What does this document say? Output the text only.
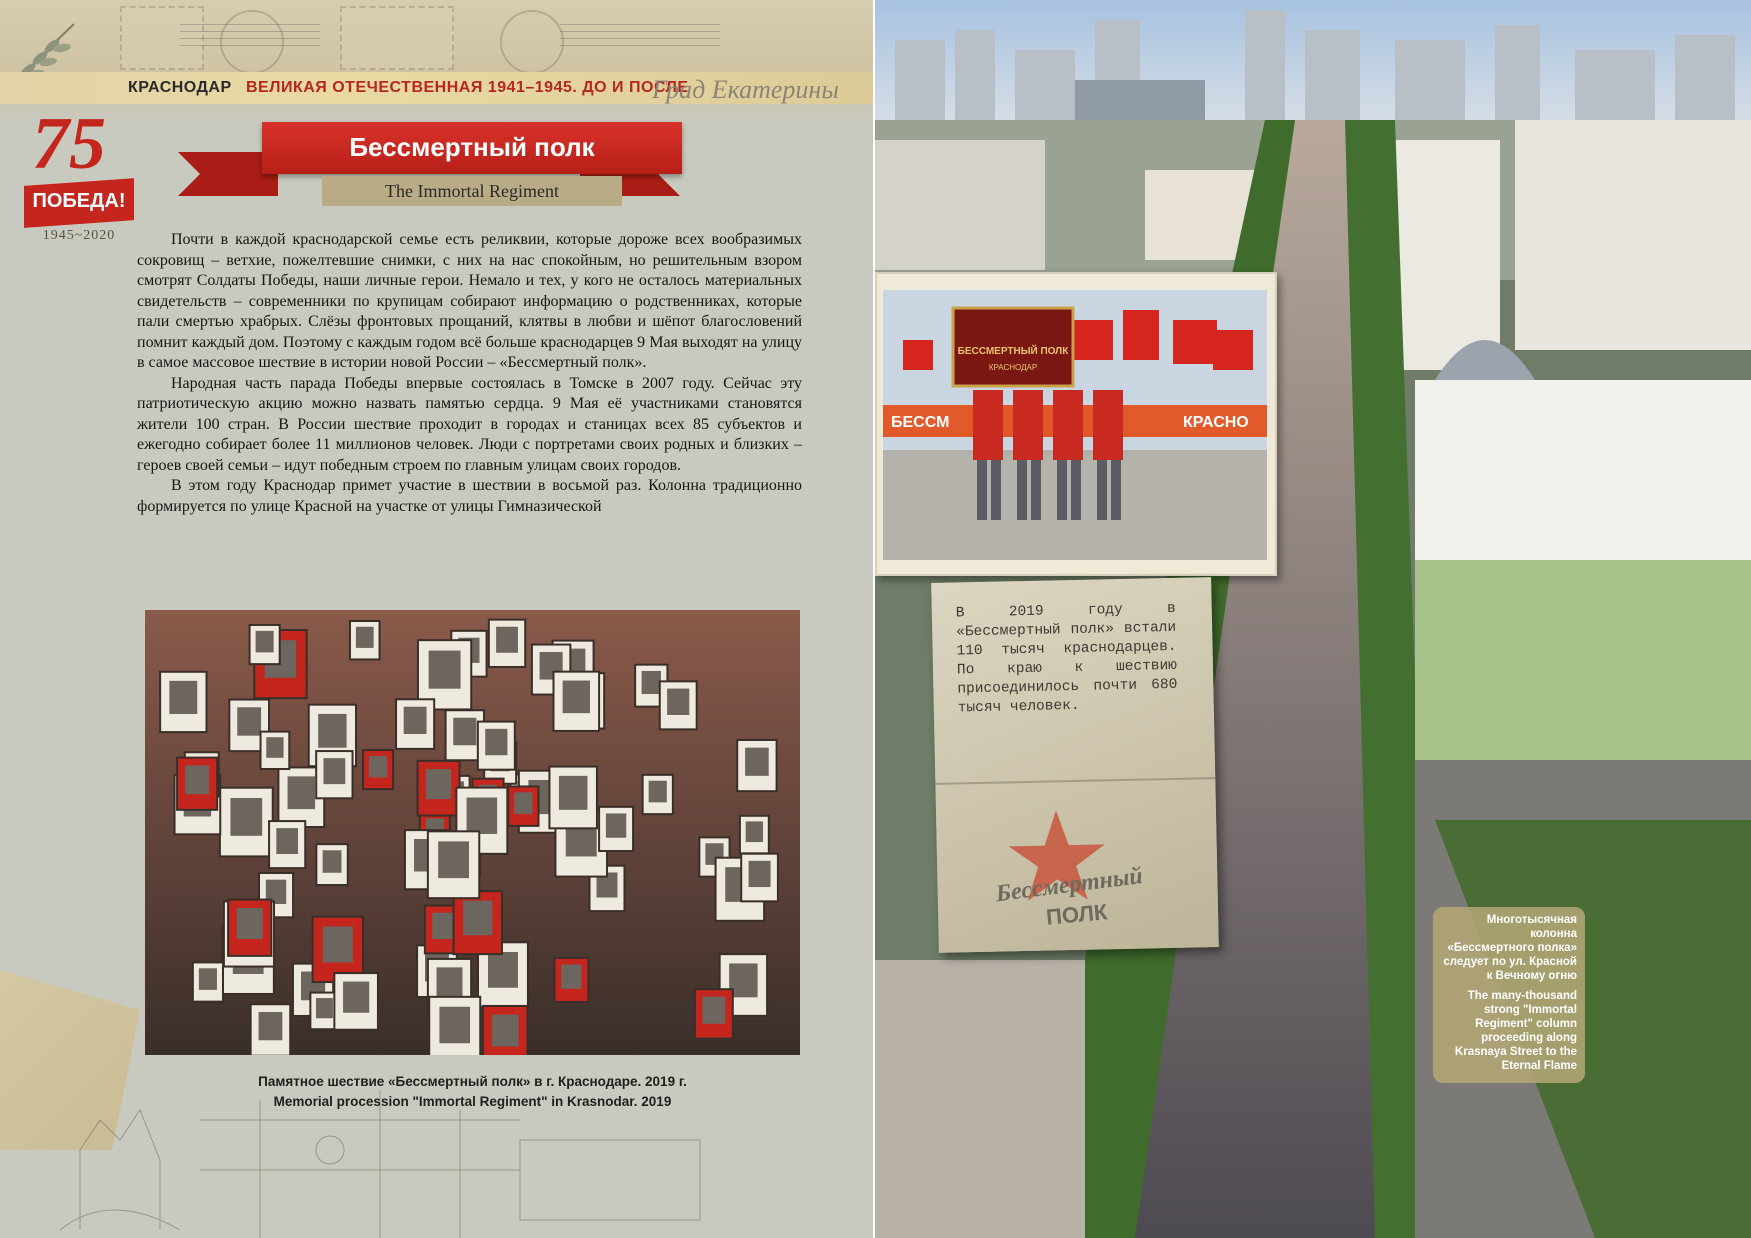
КРАСНОДАР ВЕЛИКАЯ ОТЕЧЕСТВЕННАЯ 1941–1945. ДО И ПОСЛЕ
Град Екатерины
75
ПОБЕДА!
1945~2020
Бессмертный полк
The Immortal Regiment

Почти в каждой краснодарской семье есть реликвии, которые дороже всех вообразимых сокровищ – ветхие, пожелтевшие снимки, с них на нас спокойным, но решительным взором смотрят Солдаты Победы, наши личные герои. Немало и тех, у кого не осталось материальных свидетельств – современники по крупицам собирают информацию о родственниках, которые пали смертью храбрых. Слёзы фронтовых прощаний, клятвы в любви и шёпот благословений помнит каждый дом. Поэтому с каждым годом всё больше краснодарцев 9 Мая выходят на улицу в самое массовое шествие в истории новой России – «Бессмертный полк».

Народная часть парада Победы впервые состоялась в Томске в 2007 году. Сейчас эту патриотическую акцию можно назвать памятью сердца. 9 Мая её участниками становятся жители 100 стран. В России шествие проходит в городах и станицах всех 85 субъектов и ежегодно собирает более 11 миллионов человек. Люди с портретами своих родных и близких – героев своей семьи – идут победным строем по главным улицам своих городов.

В этом году Краснодар примет участие в шествии в восьмой раз. Колонна традиционно формируется по улице Красной на участке от улицы Гимназической

Памятное шествие «Бессмертный полк» в г. Краснодаре. 2019 г.
Memorial procession "Immortal Regiment" in Krasnodar. 2019
БЕССМЕРТНЫЙ ПОЛК
КРАСНОДАР
БЕССМ	КРАСНО
В 2019 году в «Бессмертный полк» встали 110 тысяч краснодарцев. По краю к шествию присоединилось почти 680 тысяч человек.
Бессмертный
ПОЛК	Многотысячная колонна «Бессмертного полка» следует по ул. Красной к Вечному огню
The many-thousand strong "Immortal Regiment" column proceeding along Krasnaya Street to the Eternal Flame
